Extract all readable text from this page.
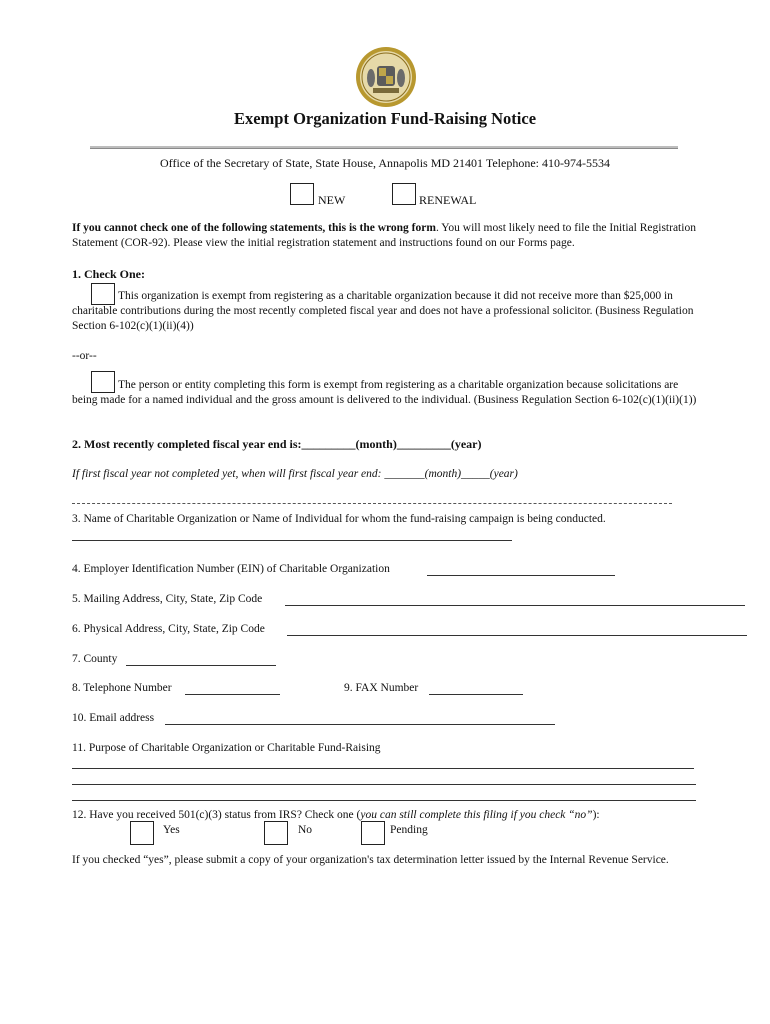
Exempt Organization Fund-Raising Notice
Office of the Secretary of State, State House, Annapolis MD 21401 Telephone: 410-974-5534
NEW	RENEWAL
If you cannot check one of the following statements, this is the wrong form. You will most likely need to file the Initial Registration Statement (COR-92). Please view the initial registration statement and instructions found on our Forms page.
1. Check One:
This organization is exempt from registering as a charitable organization because it did not receive more than $25,000 in charitable contributions during the most recently completed fiscal year and does not have a professional solicitor. (Business Regulation Section 6-102(c)(1)(ii)(4))
--or--
The person or entity completing this form is exempt from registering as a charitable organization because solicitations are being made for a named individual and the gross amount is delivered to the individual. (Business Regulation Section 6-102(c)(1)(ii)(1))
2. Most recently completed fiscal year end is:_________(month)_________(year)
If first fiscal year not completed yet, when will first fiscal year end: _______(month)_____(year)
3. Name of Charitable Organization or Name of Individual for whom the fund-raising campaign is being conducted.
4. Employer Identification Number (EIN) of Charitable Organization
5. Mailing Address, City, State, Zip Code
6. Physical Address, City, State, Zip Code
7. County
8. Telephone Number	9. FAX Number
10. Email address
11. Purpose of Charitable Organization or Charitable Fund-Raising
12. Have you received 501(c)(3) status from IRS? Check one (you can still complete this filing if you check “no”):
Yes	No	Pending
If you checked “yes”, please submit a copy of your organization's tax determination letter issued by the Internal Revenue Service.
